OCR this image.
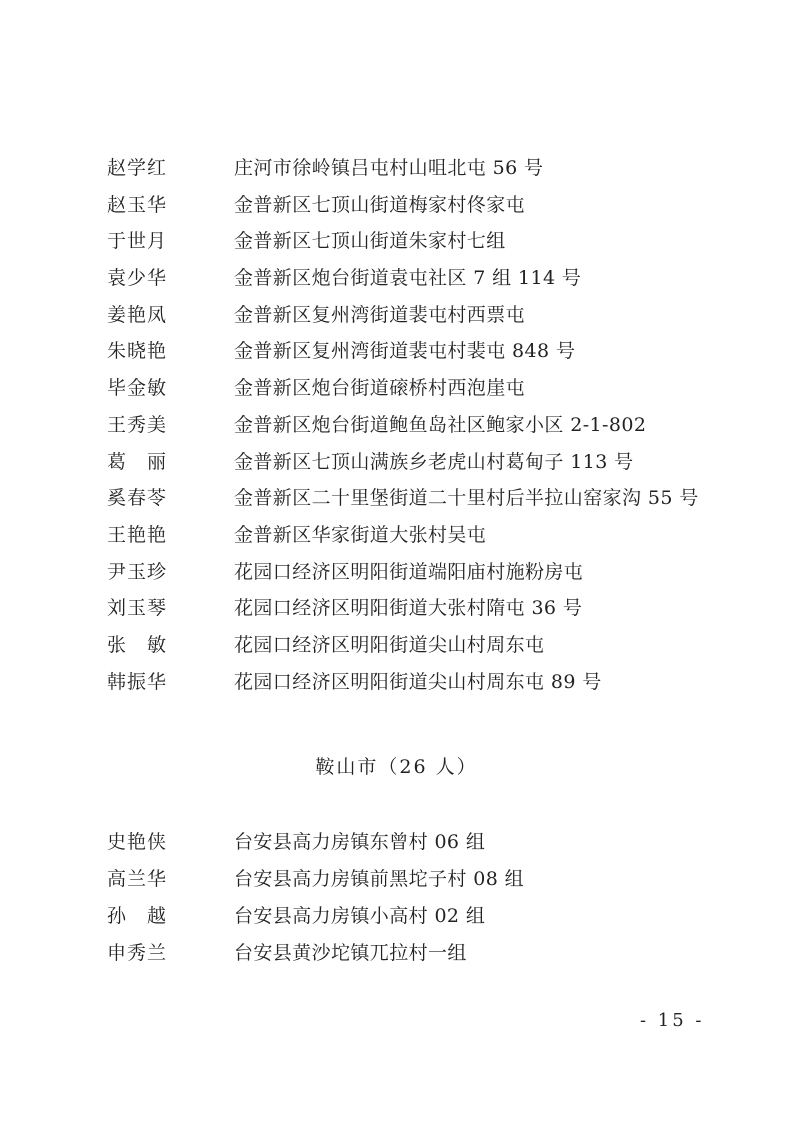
赵学红	庄河市徐岭镇吕屯村山咀北屯 56 号
赵玉华	金普新区七顶山街道梅家村佟家屯
于世月	金普新区七顶山街道朱家村七组
袁少华	金普新区炮台街道袁屯社区 7 组 114 号
姜艳凤	金普新区复州湾街道裴屯村西票屯
朱晓艳	金普新区复州湾街道裴屯村裴屯 848 号
毕金敏	金普新区炮台街道磙桥村西泡崖屯
王秀美	金普新区炮台街道鲍鱼岛社区鲍家小区 2-1-802
葛　丽	金普新区七顶山满族乡老虎山村葛甸子 113 号
奚春苓	金普新区二十里堡街道二十里村后半拉山窑家沟 55 号
王艳艳	金普新区华家街道大张村吴屯
尹玉珍	花园口经济区明阳街道端阳庙村施粉房屯
刘玉琴	花园口经济区明阳街道大张村隋屯 36 号
张　敏	花园口经济区明阳街道尖山村周东屯
韩振华	花园口经济区明阳街道尖山村周东屯 89 号
鞍山市（26 人）
史艳侠	台安县高力房镇东曾村 06 组
高兰华	台安县高力房镇前黑坨子村 08 组
孙　越	台安县高力房镇小高村 02 组
申秀兰	台安县黄沙坨镇兀拉村一组
- 15 -
